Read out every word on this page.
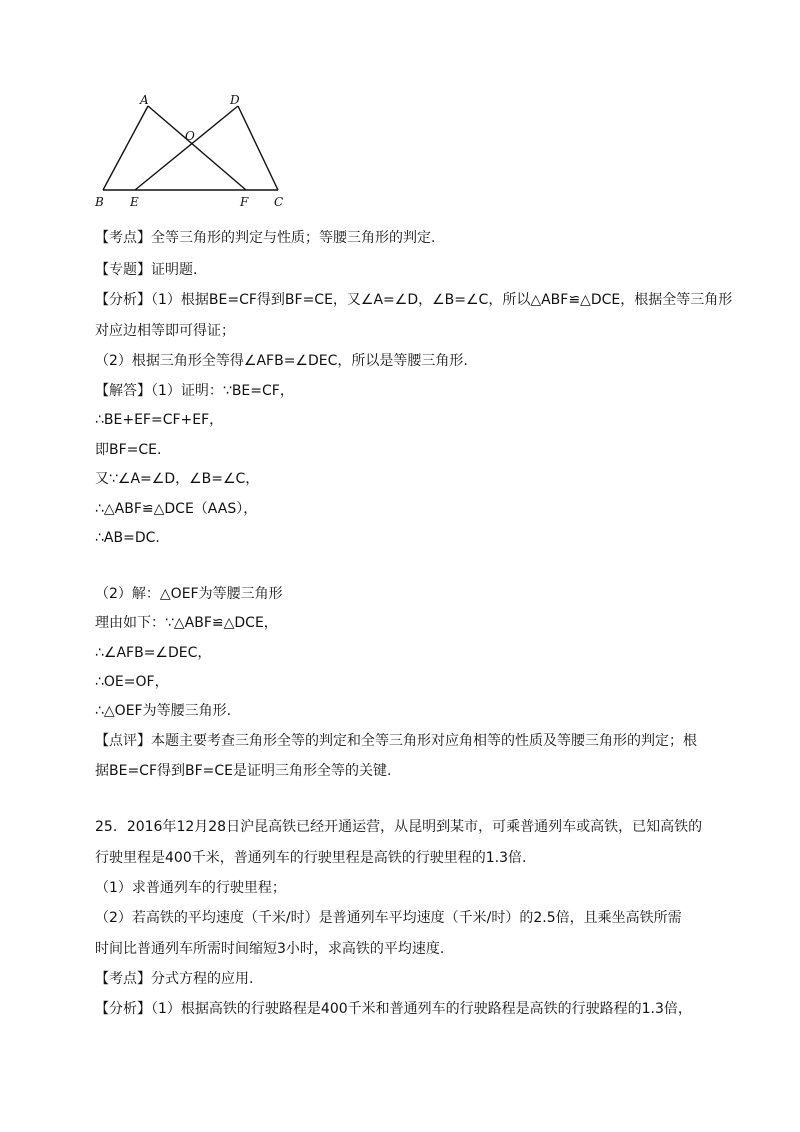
A	D
O
B E	F C
【考点】全等三角形的判定与性质；等腰三角形的判定.
【专题】证明题.
【分析】（1）根据BE=CF得到BF=CE，又∠A=∠D，∠B=∠C，所以△ABF≌△DCE，根据全等三角形
对应边相等即可得证；
（2）根据三角形全等得∠AFB=∠DEC，所以是等腰三角形.
【解答】（1）证明：∵BE=CF，
∴BE+EF=CF+EF，
即BF=CE.
又∵∠A=∠D，∠B=∠C，
∴△ABF≌△DCE（AAS），
∴AB=DC.
（2）解：△OEF为等腰三角形
理由如下：∵△ABF≌△DCE，
∴∠AFB=∠DEC，
∴OE=OF，
∴△OEF为等腰三角形.
【点评】本题主要考查三角形全等的判定和全等三角形对应角相等的性质及等腰三角形的判定；根
据BE=CF得到BF=CE是证明三角形全等的关键.
25．2016年12月28日沪昆高铁已经开通运营，从昆明到某市，可乘普通列车或高铁，已知高铁的
行驶里程是400千米，普通列车的行驶里程是高铁的行驶里程的1.3倍.
（1）求普通列车的行驶里程；
（2）若高铁的平均速度（千米/时）是普通列车平均速度（千米/时）的2.5倍，且乘坐高铁所需
时间比普通列车所需时间缩短3小时，求高铁的平均速度.
【考点】分式方程的应用.
【分析】（1）根据高铁的行驶路程是400千米和普通列车的行驶路程是高铁的行驶路程的1.3倍，
